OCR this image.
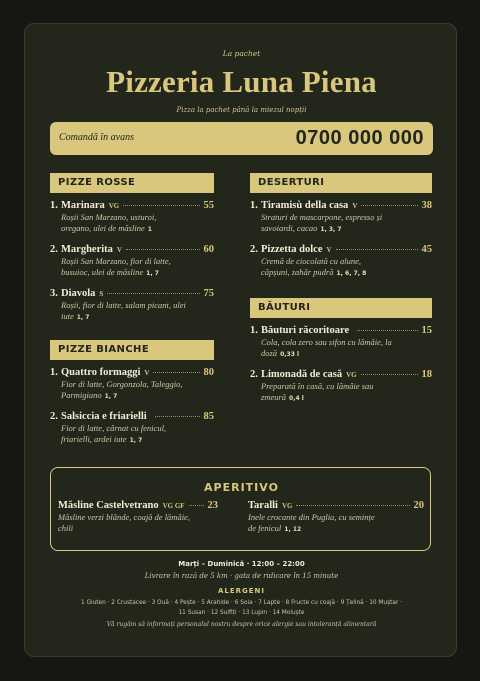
La pachet
Pizzeria Luna Piena
Pizza la pachet până la miezul nopții
Comandă în avans	0700 000 000
PIZZE ROSSE
1. Marinara VG	55
Roșii San Marzano, usturoi,
oregano, ulei de măsline 1
2. Margherita V	60
Roșii San Marzano, fior di latte,
busuioc, ulei de măsline 1, 7
3. Diavola S	75
Roșii, fior di latte, salam picant, ulei
iute 1, 7
PIZZE BIANCHE
1. Quattro formaggi V	80
Fior di latte, Gorgonzola, Taleggio,
Parmigiano 1, 7
2. Salsiccia e friarielli	85
Fior di latte, cârnat cu fenicul,
friarielli, ardei iute 1, 7
DESERTURI
1. Tiramisù della casa V	38
Straturi de mascarpone, espresso și
savoiardi, cacao 1, 3, 7
2. Pizzetta dolce V	45
Cremă de ciocolată cu alune,
căpșuni, zahăr pudră 1, 6, 7, 8
BĂUTURI
1. Băuturi răcoritoare	15
Cola, cola zero sau sifon cu lămâie, la
doză 0,33 l
2. Limonadă de casă VG	18
Preparată în casă, cu lămâie sau
zmeură 0,4 l
APERITIVO
Măsline Castelvetrano VG GF 23
Măsline verzi blânde, coajă de lămâie,
chili
Taralli VG	20
Inele crocante din Puglia, cu semințe
de fenicul 1, 12
Marți – Duminică · 12:00 – 22:00
Livrare în rază de 5 km · gata de ridicare în 15 minute
ALERGENI
1 Gluten · 2 Crustacee · 3 Ouă · 4 Pește · 5 Arahide · 6 Soia · 7 Lapte · 8 Fructe cu coajă · 9 Țelină · 10 Muștar ·
11 Susan · 12 Sulfiți · 13 Lupin · 14 Moluște
Vă rugăm să informați personalul nostru despre orice alergie sau intoleranță alimentară
